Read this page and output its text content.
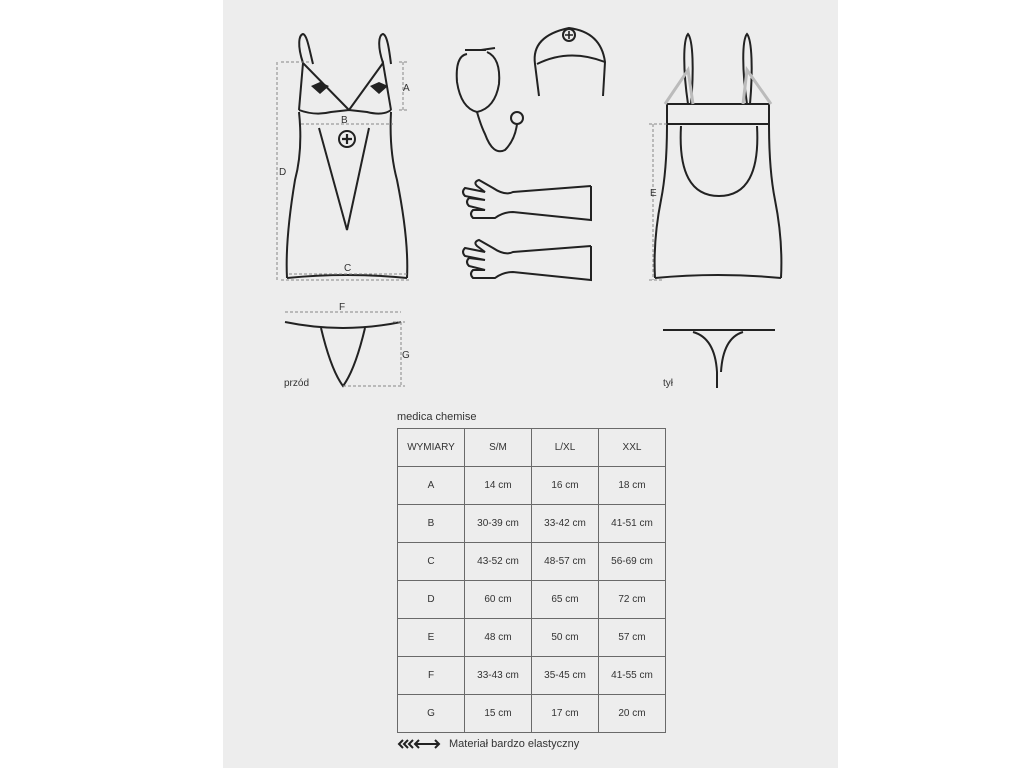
D
A
B
C
E
F
G
przód	tył
medica chemise
WYMIARY	S/M	L/XL	XXL
A	14 cm	16 cm	18 cm
B	30-39 cm	33-42 cm	41-51 cm
C	43-52 cm	48-57 cm	56-69 cm
D	60 cm	65 cm	72 cm
E	48 cm	50 cm	57 cm
F	33-43 cm	35-45 cm	41-55 cm
G	15 cm	17 cm	20 cm
Materiał bardzo elastyczny
